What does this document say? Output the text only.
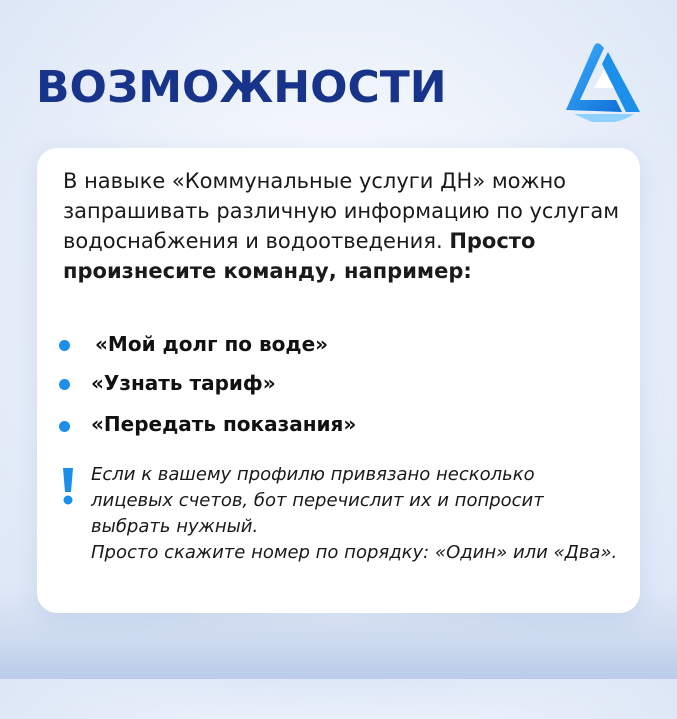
ВОЗМОЖНОСТИ
В навыке «Коммунальные услуги ДН» можно запрашивать различную информацию по услугам водоснабжения и водоотведения. Просто произнесите команду, например:
«Мой долг по воде»
«Узнать тариф»
«Передать показания»
Если к вашему профилю привязано несколько лицевых счетов, бот перечислит их и попросит выбрать нужный.
Просто скажите номер по порядку: «Один» или «Два».
